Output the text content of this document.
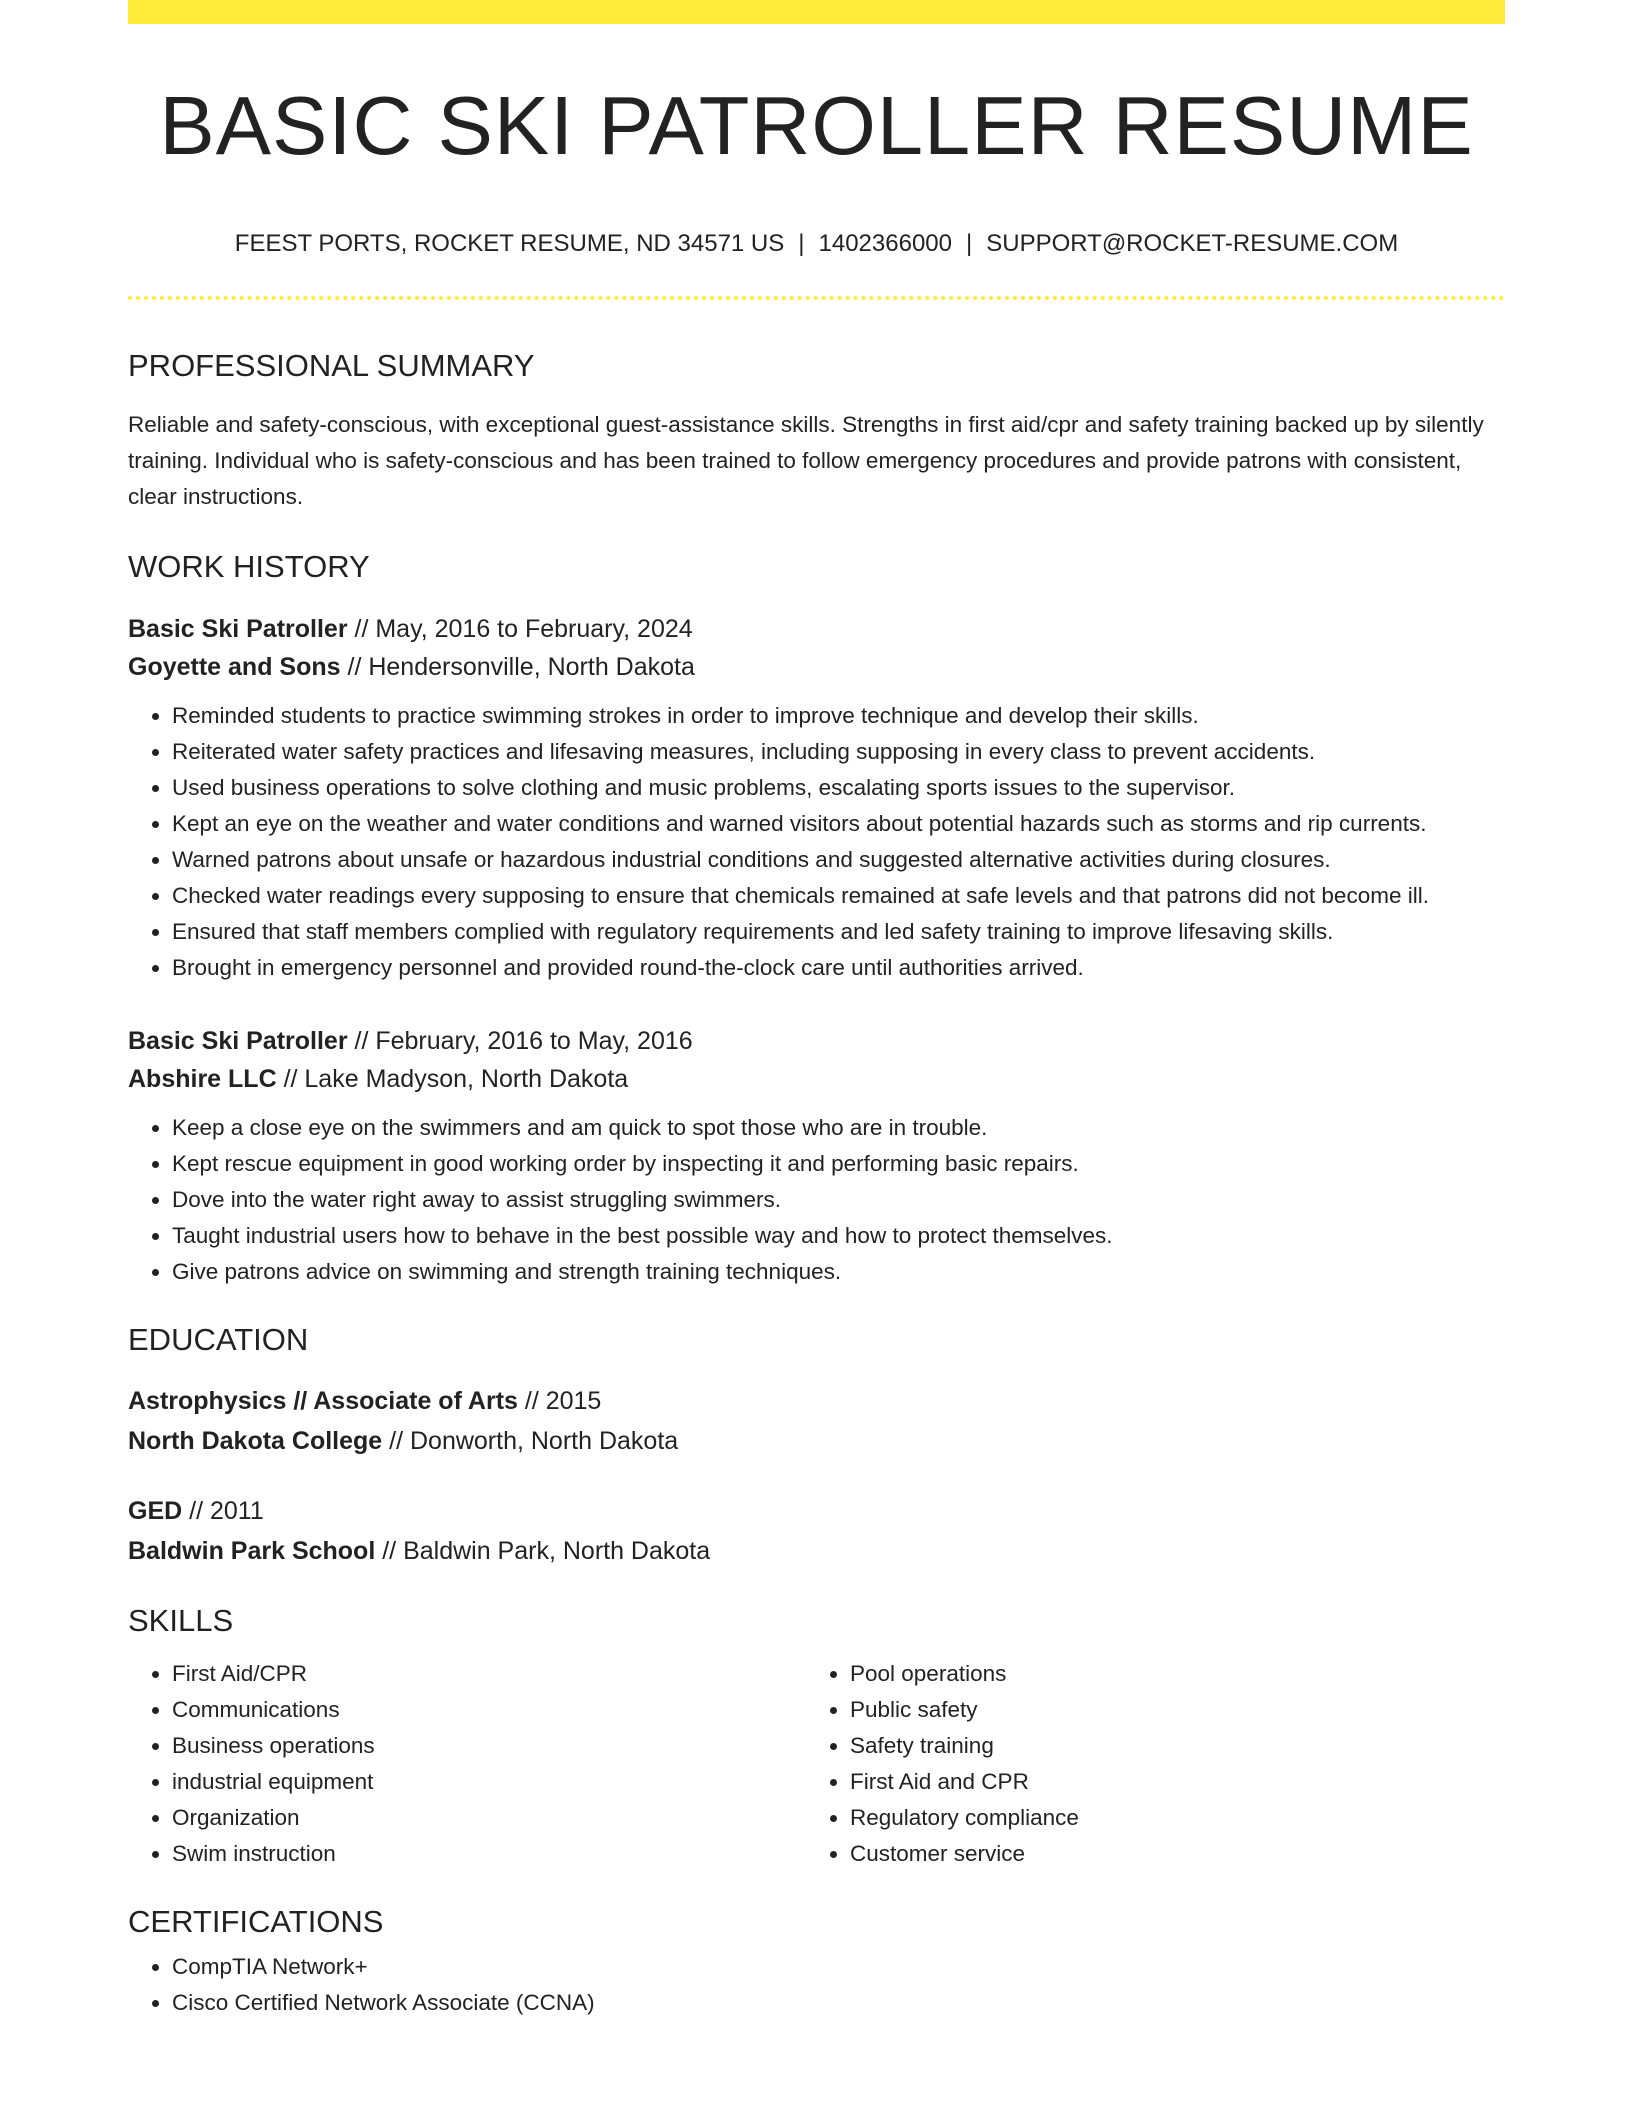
BASIC SKI PATROLLER RESUME
FEEST PORTS, ROCKET RESUME, ND 34571 US | 1402366000 | SUPPORT@ROCKET-RESUME.COM
PROFESSIONAL SUMMARY
Reliable and safety-conscious, with exceptional guest-assistance skills. Strengths in first aid/cpr and safety training backed up by silently training. Individual who is safety-conscious and has been trained to follow emergency procedures and provide patrons with consistent, clear instructions.
WORK HISTORY
Basic Ski Patroller // May, 2016 to February, 2024
Goyette and Sons // Hendersonville, North Dakota
• Reminded students to practice swimming strokes in order to improve technique and develop their skills.
• Reiterated water safety practices and lifesaving measures, including supposing in every class to prevent accidents.
• Used business operations to solve clothing and music problems, escalating sports issues to the supervisor.
• Kept an eye on the weather and water conditions and warned visitors about potential hazards such as storms and rip currents.
• Warned patrons about unsafe or hazardous industrial conditions and suggested alternative activities during closures.
• Checked water readings every supposing to ensure that chemicals remained at safe levels and that patrons did not become ill.
• Ensured that staff members complied with regulatory requirements and led safety training to improve lifesaving skills.
• Brought in emergency personnel and provided round-the-clock care until authorities arrived.
Basic Ski Patroller // February, 2016 to May, 2016
Abshire LLC // Lake Madyson, North Dakota
• Keep a close eye on the swimmers and am quick to spot those who are in trouble.
• Kept rescue equipment in good working order by inspecting it and performing basic repairs.
• Dove into the water right away to assist struggling swimmers.
• Taught industrial users how to behave in the best possible way and how to protect themselves.
• Give patrons advice on swimming and strength training techniques.
EDUCATION
Astrophysics // Associate of Arts // 2015
North Dakota College // Donworth, North Dakota
GED // 2011
Baldwin Park School // Baldwin Park, North Dakota
SKILLS
• First Aid/CPR
• Communications
• Business operations
• industrial equipment
• Organization
• Swim instruction
• Pool operations
• Public safety
• Safety training
• First Aid and CPR
• Regulatory compliance
• Customer service
CERTIFICATIONS
• CompTIA Network+
• Cisco Certified Network Associate (CCNA)
